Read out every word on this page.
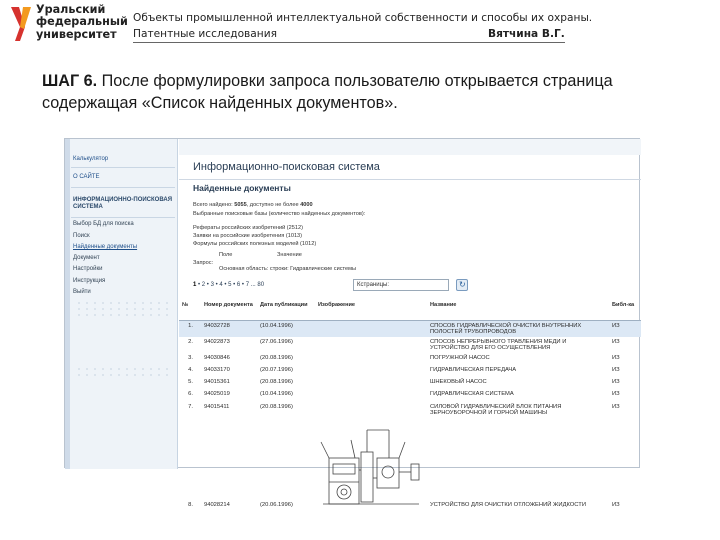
Уральский
федеральный
университет
Объекты промышленной интеллектуальной собственности и способы их охраны.
Патентные исследования	Вятчина В.Г.
ШАГ 6. После формулировки запроса пользователю открывается страница содержащая «Список найденных документов».
Калькулятор
О САЙТЕ
ИНФОРМАЦИОННО-ПОИСКОВАЯ СИСТЕМА
Выбор БД для поиска
Поиск
Найденные документы
Документ
Настройки
Инструкция
Выйти
Информационно-поисковая система
Найденные документы
Всего найдено: 5055, доступно не более 4000
Выбранные поисковые базы (количество найденных документов):
Рефераты российских изобретений (2512)
Заявки на российские изобретения (1013)
Формулы российских полезных моделей (1012)
Поле	Значение
Запрос:
Основная область: строки: Гидравлические системы
1 • 2 • 3 • 4 • 5 • 6 • 7 ... 80	Кстраницы:	↻
№	Номер документа	Дата публикации	Изображение	Название	Библ-ка
1.	94032728	(10.04.1996)		СПОСОБ ГИДРАВЛИЧЕСКОЙ ОЧИСТКИ ВНУТРЕННИХ ПОЛОСТЕЙ ТРУБОПРОВОДОВ	ИЗ
2.	94022873	(27.06.1996)		СПОСОБ НЕПРЕРЫВНОГО ТРАВЛЕНИЯ МЕДИ И УСТРОЙСТВО ДЛЯ ЕГО ОСУЩЕСТВЛЕНИЯ	ИЗ
3.	94030846	(20.08.1996)		ПОГРУЖНОЙ НАСОС	ИЗ
4.	94033170	(20.07.1996)		ГИДРАВЛИЧЕСКАЯ ПЕРЕДАЧА	ИЗ
5.	94015361	(20.08.1996)		ШНЕКОВЫЙ НАСОС	ИЗ
6.	94025019	(10.04.1996)		ГИДРАВЛИЧЕСКАЯ СИСТЕМА	ИЗ
7.	94015411	(20.08.1996)		СИЛОВОЙ ГИДРАВЛИЧЕСКИЙ БЛОК ПИТАНИЯ ЗЕРНОУБОРОЧНОЙ И ГОРНОЙ МАШИНЫ	ИЗ
8.	94028214	(20.06.1996)		УСТРОЙСТВО ДЛЯ ОЧИСТКИ ОТЛОЖЕНИЙ ЖИДКОСТИ	ИЗ
